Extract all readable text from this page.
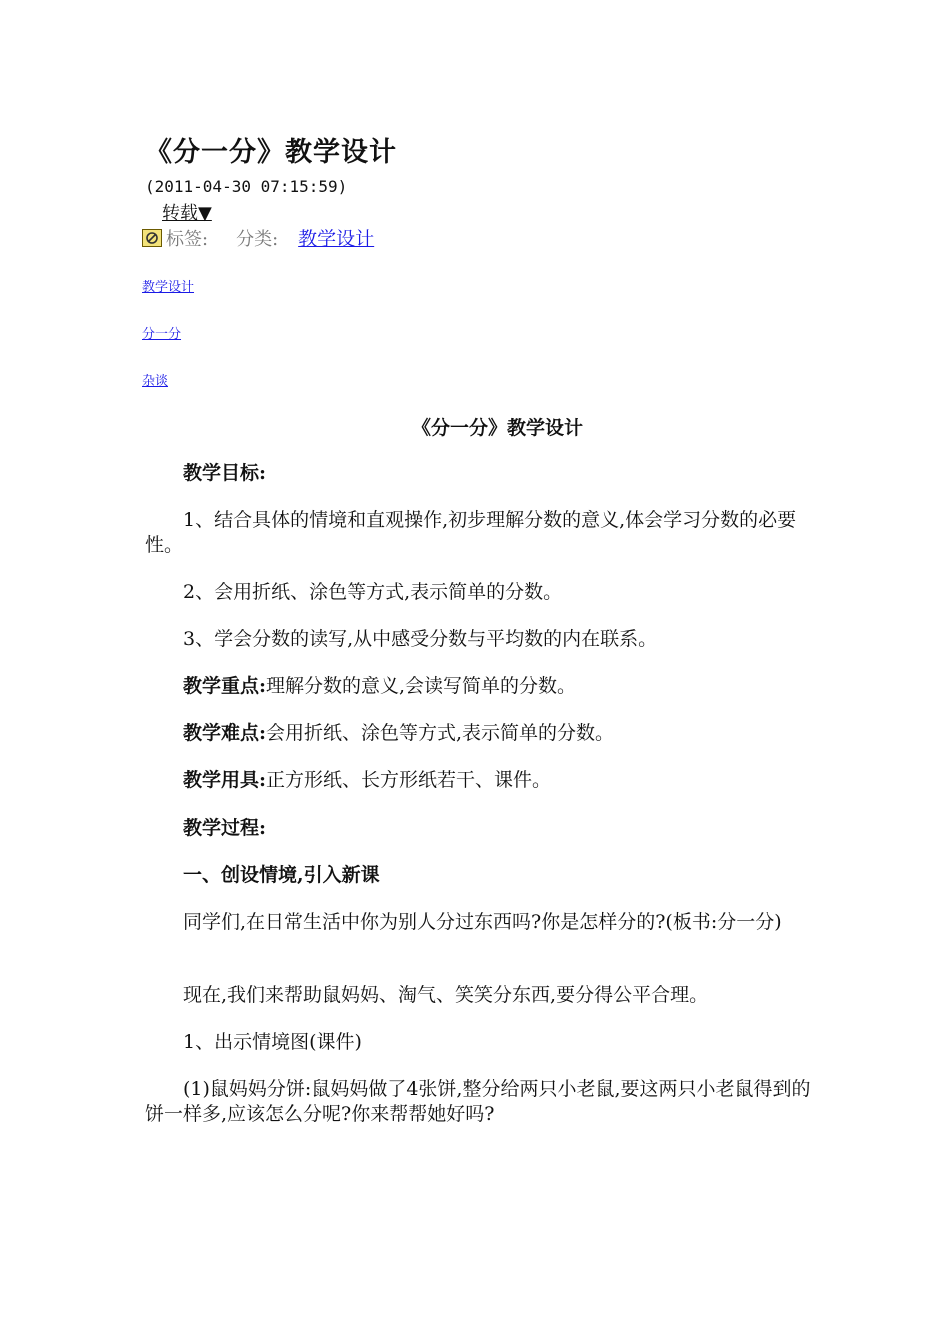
《分一分》教学设计
(2011-04-30 07:15:59)
转载▼
标签: 分类: 教学设计
教学设计
分一分
杂谈
《分一分》教学设计
教学目标:
1、结合具体的情境和直观操作,初步理解分数的意义,体会学习分数的必要性。
2、会用折纸、涂色等方式,表示简单的分数。
3、学会分数的读写,从中感受分数与平均数的内在联系。
教学重点:理解分数的意义,会读写简单的分数。
教学难点:会用折纸、涂色等方式,表示简单的分数。
教学用具:正方形纸、长方形纸若干、课件。
教学过程:
一、创设情境,引入新课
同学们,在日常生活中你为别人分过东西吗?你是怎样分的?(板书:分一分)
现在,我们来帮助鼠妈妈、淘气、笑笑分东西,要分得公平合理。
1、出示情境图(课件)
(1)鼠妈妈分饼:鼠妈妈做了4张饼,整分给两只小老鼠,要这两只小老鼠得到的饼一样多,应该怎么分呢?你来帮帮她好吗?
